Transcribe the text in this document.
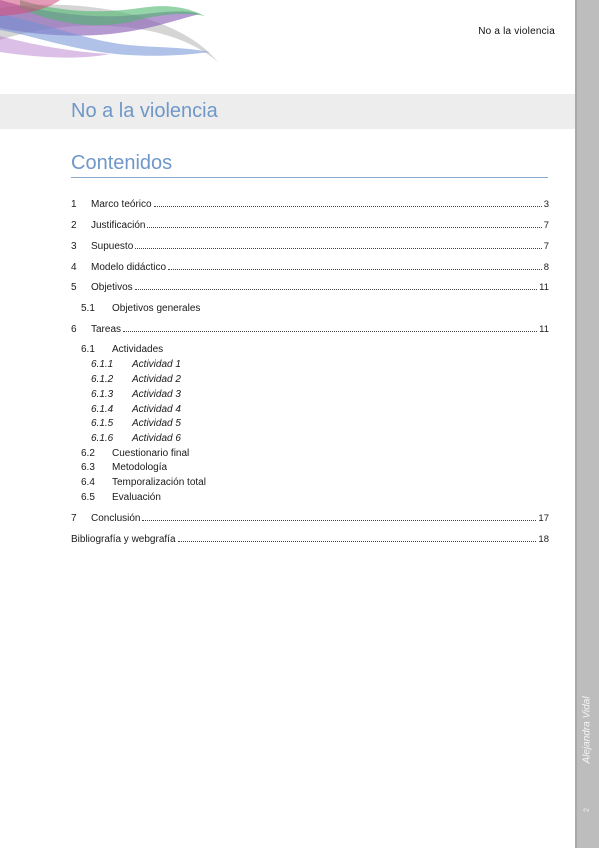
No a la violencia
Alejandra Vidal
2
No a la violencia
Contenidos
1 Marco teórico	3
2 Justificación	7
3 Supuesto	7
4 Modelo didáctico	8
5 Objetivos	11
5.1 Objetivos generales
6 Tareas	11
6.1 Actividades
6.1.1 Actividad 1
6.1.2 Actividad 2
6.1.3 Actividad 3
6.1.4 Actividad 4
6.1.5 Actividad 5
6.1.6 Actividad 6
6.2 Cuestionario final
6.3 Metodología
6.4 Temporalización total
6.5 Evaluación
7 Conclusión	17
Bibliografía y webgrafía	18
